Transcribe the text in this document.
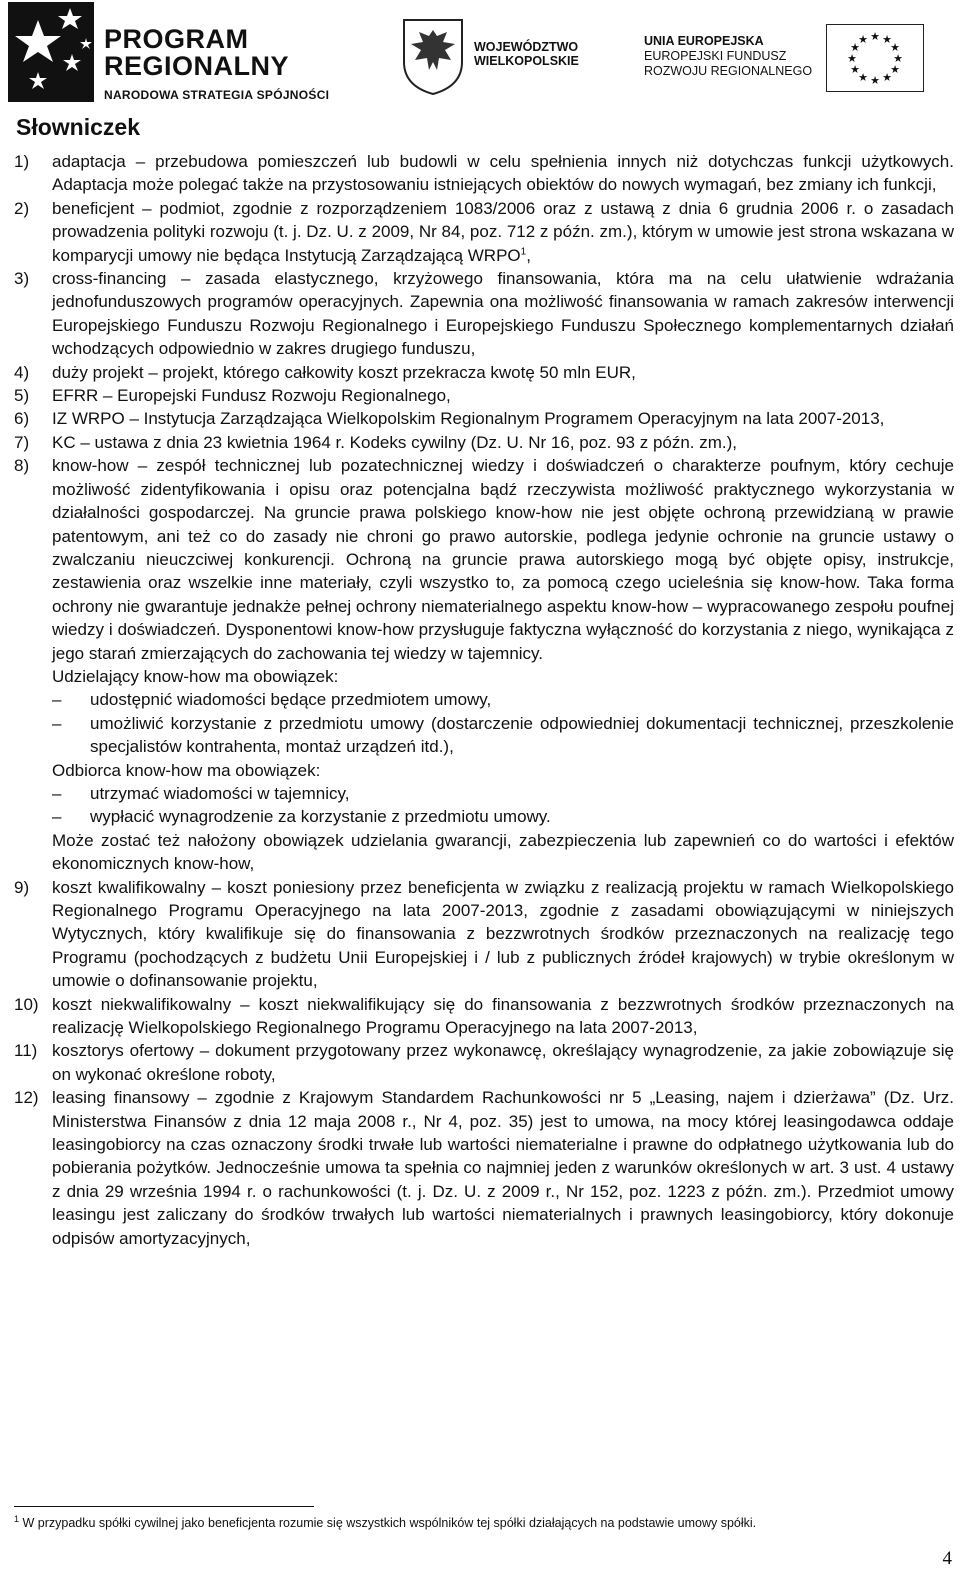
PROGRAM
REGIONALNY
NARODOWA STRATEGIA SPÓJNOŚCI
WOJEWÓDZTWO
WIELKOPOLSKIE
UNIA EUROPEJSKA
EUROPEJSKI FUNDUSZ
ROZWOJU REGIONALNEGO
★ ★
★
★
★
★
★
★
★
★
★
★
Słowniczek
1) adaptacja – przebudowa pomieszczeń lub budowli w celu spełnienia innych niż dotychczas funkcji użytkowych. Adaptacja może polegać także na przystosowaniu istniejących obiektów do nowych wymagań, bez zmiany ich funkcji,
2) beneficjent – podmiot, zgodnie z rozporządzeniem 1083/2006 oraz z ustawą z dnia 6 grudnia 2006 r. o zasadach prowadzenia polityki rozwoju (t. j. Dz. U. z 2009, Nr 84, poz. 712 z późn. zm.), którym w umowie jest strona wskazana w komparycji umowy nie będąca Instytucją Zarządzającą WRPO$^1$,
3) cross-financing – zasada elastycznego, krzyżowego finansowania, która ma na celu ułatwienie wdrażania jednofunduszowych programów operacyjnych. Zapewnia ona możliwość finansowania w ramach zakresów interwencji Europejskiego Funduszu Rozwoju Regionalnego i Europejskiego Funduszu Społecznego komplementarnych działań wchodzących odpowiednio w zakres drugiego funduszu,
4) duży projekt – projekt, którego całkowity koszt przekracza kwotę 50 mln EUR,
5) EFRR – Europejski Fundusz Rozwoju Regionalnego,
6) IZ WRPO – Instytucja Zarządzająca Wielkopolskim Regionalnym Programem Operacyjnym na lata 2007-2013,
7) KC – ustawa z dnia 23 kwietnia 1964 r. Kodeks cywilny (Dz. U. Nr 16, poz. 93 z późn. zm.),
8) know-how – zespół technicznej lub pozatechnicznej wiedzy i doświadczeń o charakterze poufnym, który cechuje możliwość zidentyfikowania i opisu oraz potencjalna bądź rzeczywista możliwość praktycznego wykorzystania w działalności gospodarczej. Na gruncie prawa polskiego know-how nie jest objęte ochroną przewidzianą w prawie patentowym, ani też co do zasady nie chroni go prawo autorskie, podlega jedynie ochronie na gruncie ustawy o zwalczaniu nieuczciwej konkurencji. Ochroną na gruncie prawa autorskiego mogą być objęte opisy, instrukcje, zestawienia oraz wszelkie inne materiały, czyli wszystko to, za pomocą czego ucieleśnia się know-how. Taka forma ochrony nie gwarantuje jednakże pełnej ochrony niematerialnego aspektu know-how – wypracowanego zespołu poufnej wiedzy i doświadczeń. Dysponentowi know-how przysługuje faktyczna wyłączność do korzystania z niego, wynikająca z jego starań zmierzających do zachowania tej wiedzy w tajemnicy.
Udzielający know-how ma obowiązek:
– udostępnić wiadomości będące przedmiotem umowy,
– umożliwić korzystanie z przedmiotu umowy (dostarczenie odpowiedniej dokumentacji technicznej, przeszkolenie specjalistów kontrahenta, montaż urządzeń itd.),
Odbiorca know-how ma obowiązek:
– utrzymać wiadomości w tajemnicy,
– wypłacić wynagrodzenie za korzystanie z przedmiotu umowy.
Może zostać też nałożony obowiązek udzielania gwarancji, zabezpieczenia lub zapewnień co do wartości i efektów ekonomicznych know-how,
9) koszt kwalifikowalny – koszt poniesiony przez beneficjenta w związku z realizacją projektu w ramach Wielkopolskiego Regionalnego Programu Operacyjnego na lata 2007-2013, zgodnie z zasadami obowiązującymi w niniejszych Wytycznych, który kwalifikuje się do finansowania z bezzwrotnych środków przeznaczonych na realizację tego Programu (pochodzących z budżetu Unii Europejskiej i / lub z publicznych źródeł krajowych) w trybie określonym w umowie o dofinansowanie projektu,
10) koszt niekwalifikowalny – koszt niekwalifikujący się do finansowania z bezzwrotnych środków przeznaczonych na realizację Wielkopolskiego Regionalnego Programu Operacyjnego na lata 2007-2013,
11) kosztorys ofertowy – dokument przygotowany przez wykonawcę, określający wynagrodzenie, za jakie zobowiązuje się on wykonać określone roboty,
12) leasing finansowy – zgodnie z Krajowym Standardem Rachunkowości nr 5 „Leasing, najem i dzierżawa” (Dz. Urz. Ministerstwa Finansów z dnia 12 maja 2008 r., Nr 4, poz. 35) jest to umowa, na mocy której leasingodawca oddaje leasingobiorcy na czas oznaczony środki trwałe lub wartości niematerialne i prawne do odpłatnego użytkowania lub do pobierania pożytków. Jednocześnie umowa ta spełnia co najmniej jeden z warunków określonych w art. 3 ust. 4 ustawy z dnia 29 września 1994 r. o rachunkowości (t. j. Dz. U. z 2009 r., Nr 152, poz. 1223 z późn. zm.). Przedmiot umowy leasingu jest zaliczany do środków trwałych lub wartości niematerialnych i prawnych leasingobiorcy, który dokonuje odpisów amortyzacyjnych,
$^1$ W przypadku spółki cywilnej jako beneficjenta rozumie się wszystkich wspólników tej spółki działających na podstawie umowy spółki.
4
